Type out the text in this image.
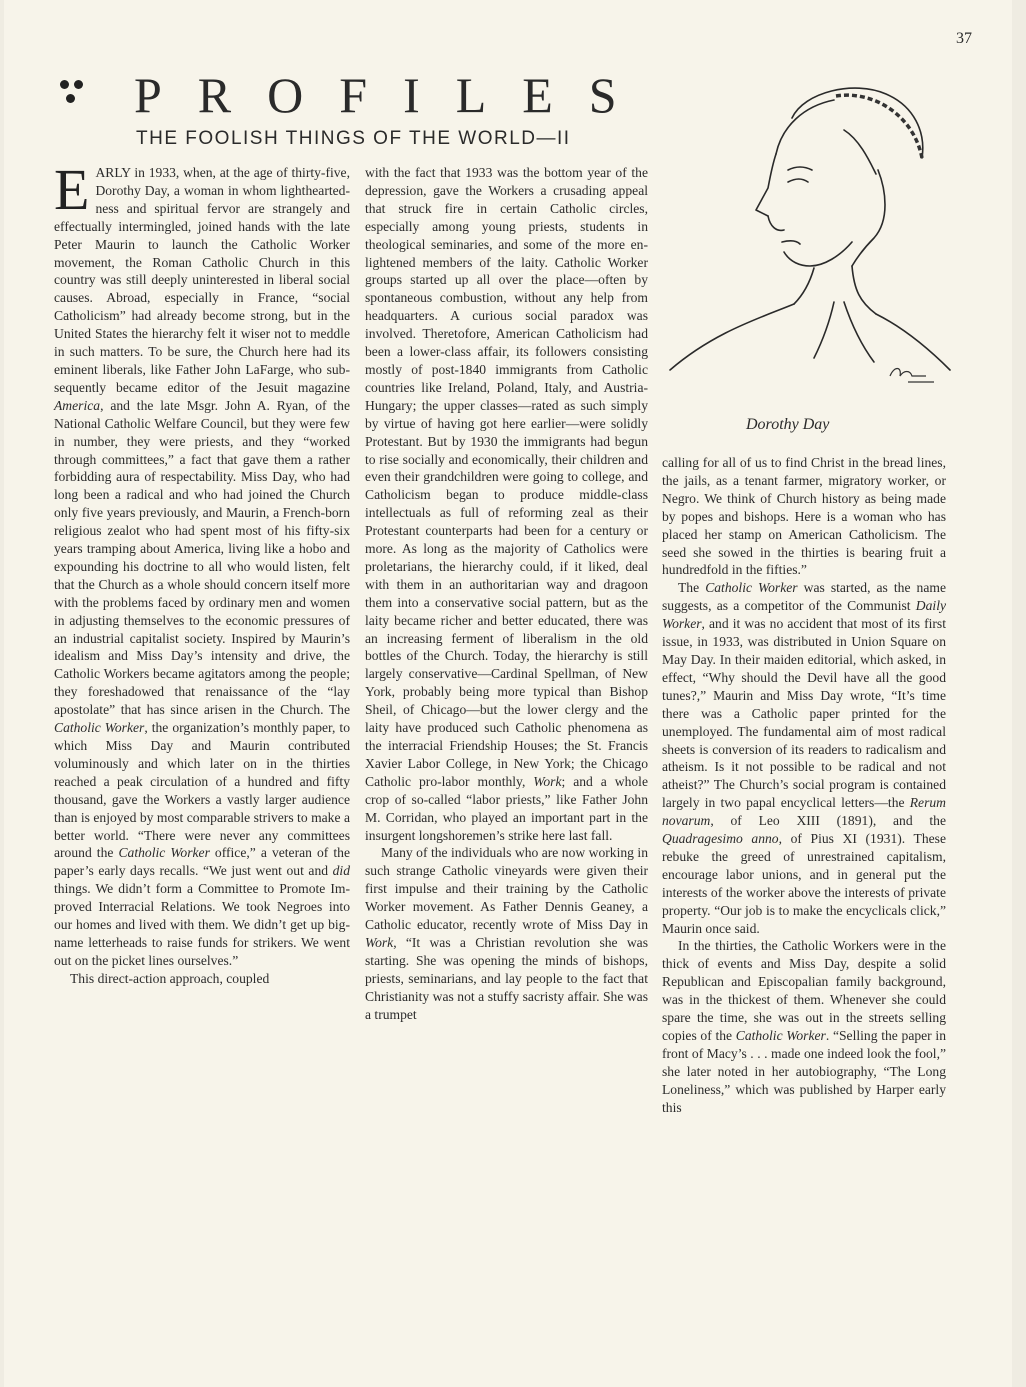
37
PROFILES
THE FOOLISH THINGS OF THE WORLD—II

EARLY in 1933, when, at the age of thirty-five, Dorothy Day, a woman in whom lightheartedness and spiritual fervor are strangely and effectually intermingled, joined hands with the late Peter Maurin to launch the Catholic Worker movement, the Roman Catholic Church in this country was still deeply uninterested in liberal social causes. Abroad, especially in France, “social Catholicism” had already become strong, but in the United States the hierarchy felt it wiser not to meddle in such matters. To be sure, the Church here had its eminent liberals, like Father John LaFarge, who subsequently became editor of the Jesuit magazine America, and the late Msgr. John A. Ryan, of the National Catholic Welfare Council, but they were few in number, they were priests, and they “worked through committees,” a fact that gave them a rather forbidding aura of respectability. Miss Day, who had long been a radical and who had joined the Church only five years previously, and Maurin, a French-born religious zealot who had spent most of his fifty-six years tramping about America, living like a hobo and expounding his doctrine to all who would listen, felt that the Church as a whole should concern itself more with the problems faced by ordinary men and women in adjusting themselves to the economic pressures of an industrial capitalist society. Inspired by Maurin’s idealism and Miss Day’s intensity and drive, the Catholic Workers became agitators among the people; they foreshadowed that renaissance of the “lay apostolate” that has since arisen in the Church. The Catholic Worker, the organization’s monthly paper, to which Miss Day and Maurin contributed voluminously and which later on in the thirties reached a peak circulation of a hundred and fifty thousand, gave the Workers a vastly larger audience than is enjoyed by most comparable strivers to make a better world. “There were never any committees around the Catholic Worker office,” a veteran of the paper’s early days recalls. “We just went out and did things. We didn’t form a Committee to Promote Improved Interracial Relations. We took Negroes into our homes and lived with them. We didn’t get up big-name letterheads to raise funds for strikers. We went out on the picket lines ourselves.”

This direct-action approach, coupled

with the fact that 1933 was the bottom year of the depression, gave the Workers a crusading appeal that struck fire in certain Catholic circles, especially among young priests, students in theological seminaries, and some of the more enlightened members of the laity. Catholic Worker groups started up all over the place—often by spontaneous combustion, without any help from headquarters. A curious social paradox was involved. Theretofore, American Catholicism had been a lower-class affair, its followers consisting mostly of post-1840 immigrants from Catholic countries like Ireland, Poland, Italy, and Austria-Hungary; the upper classes—rated as such simply by virtue of having got here earlier—were solidly Protestant. But by 1930 the immigrants had begun to rise socially and economically, their children and even their grandchildren were going to college, and Catholicism began to produce middle-class intellectuals as full of reforming zeal as their Protestant counterparts had been for a century or more. As long as the majority of Catholics were proletarians, the hierarchy could, if it liked, deal with them in an authoritarian way and dragoon them into a conservative social pattern, but as the laity became richer and better educated, there was an increasing ferment of liberalism in the old bottles of the Church. Today, the hierarchy is still largely conservative—Cardinal Spellman, of New York, probably being more typical than Bishop Sheil, of Chicago—but the lower clergy and the laity have produced such Catholic phenomena as the interracial Friendship Houses; the St. Francis Xavier Labor College, in New York; the Chicago Catholic pro-labor monthly, Work; and a whole crop of so-called “labor priests,” like Father John M. Corridan, who played an important part in the insurgent longshoremen’s strike here last fall.

Many of the individuals who are now working in such strange Catholic vineyards were given their first impulse and their training by the Catholic Worker movement. As Father Dennis Geaney, a Catholic educator, recently wrote of Miss Day in Work, “It was a Christian revolution she was starting. She was opening the minds of bishops, priests, seminarians, and lay people to the fact that Christianity was not a stuffy sacristy affair. She was a trumpet

Dorothy Day

calling for all of us to find Christ in the bread lines, the jails, as a tenant farmer, migratory worker, or Negro. We think of Church history as being made by popes and bishops. Here is a woman who has placed her stamp on American Catholicism. The seed she sowed in the thirties is bearing fruit a hundredfold in the fifties.”

The Catholic Worker was started, as the name suggests, as a competitor of the Communist Daily Worker, and it was no accident that most of its first issue, in 1933, was distributed in Union Square on May Day. In their maiden editorial, which asked, in effect, “Why should the Devil have all the good tunes?,” Maurin and Miss Day wrote, “It’s time there was a Catholic paper printed for the unemployed. The fundamental aim of most radical sheets is conversion of its readers to radicalism and atheism. Is it not possible to be radical and not atheist?” The Church’s social program is contained largely in two papal encyclical letters—the Rerum novarum, of Leo XIII (1891), and the Quadragesimo anno, of Pius XI (1931). These rebuke the greed of unrestrained capitalism, encourage labor unions, and in general put the interests of the worker above the interests of private property. “Our job is to make the encyclicals click,” Maurin once said.

In the thirties, the Catholic Workers were in the thick of events and Miss Day, despite a solid Republican and Episcopalian family background, was in the thickest of them. Whenever she could spare the time, she was out in the streets selling copies of the Catholic Worker. “Selling the paper in front of Macy’s . . . made one indeed look the fool,” she later noted in her autobiography, “The Long Loneliness,” which was published by Harper early this
